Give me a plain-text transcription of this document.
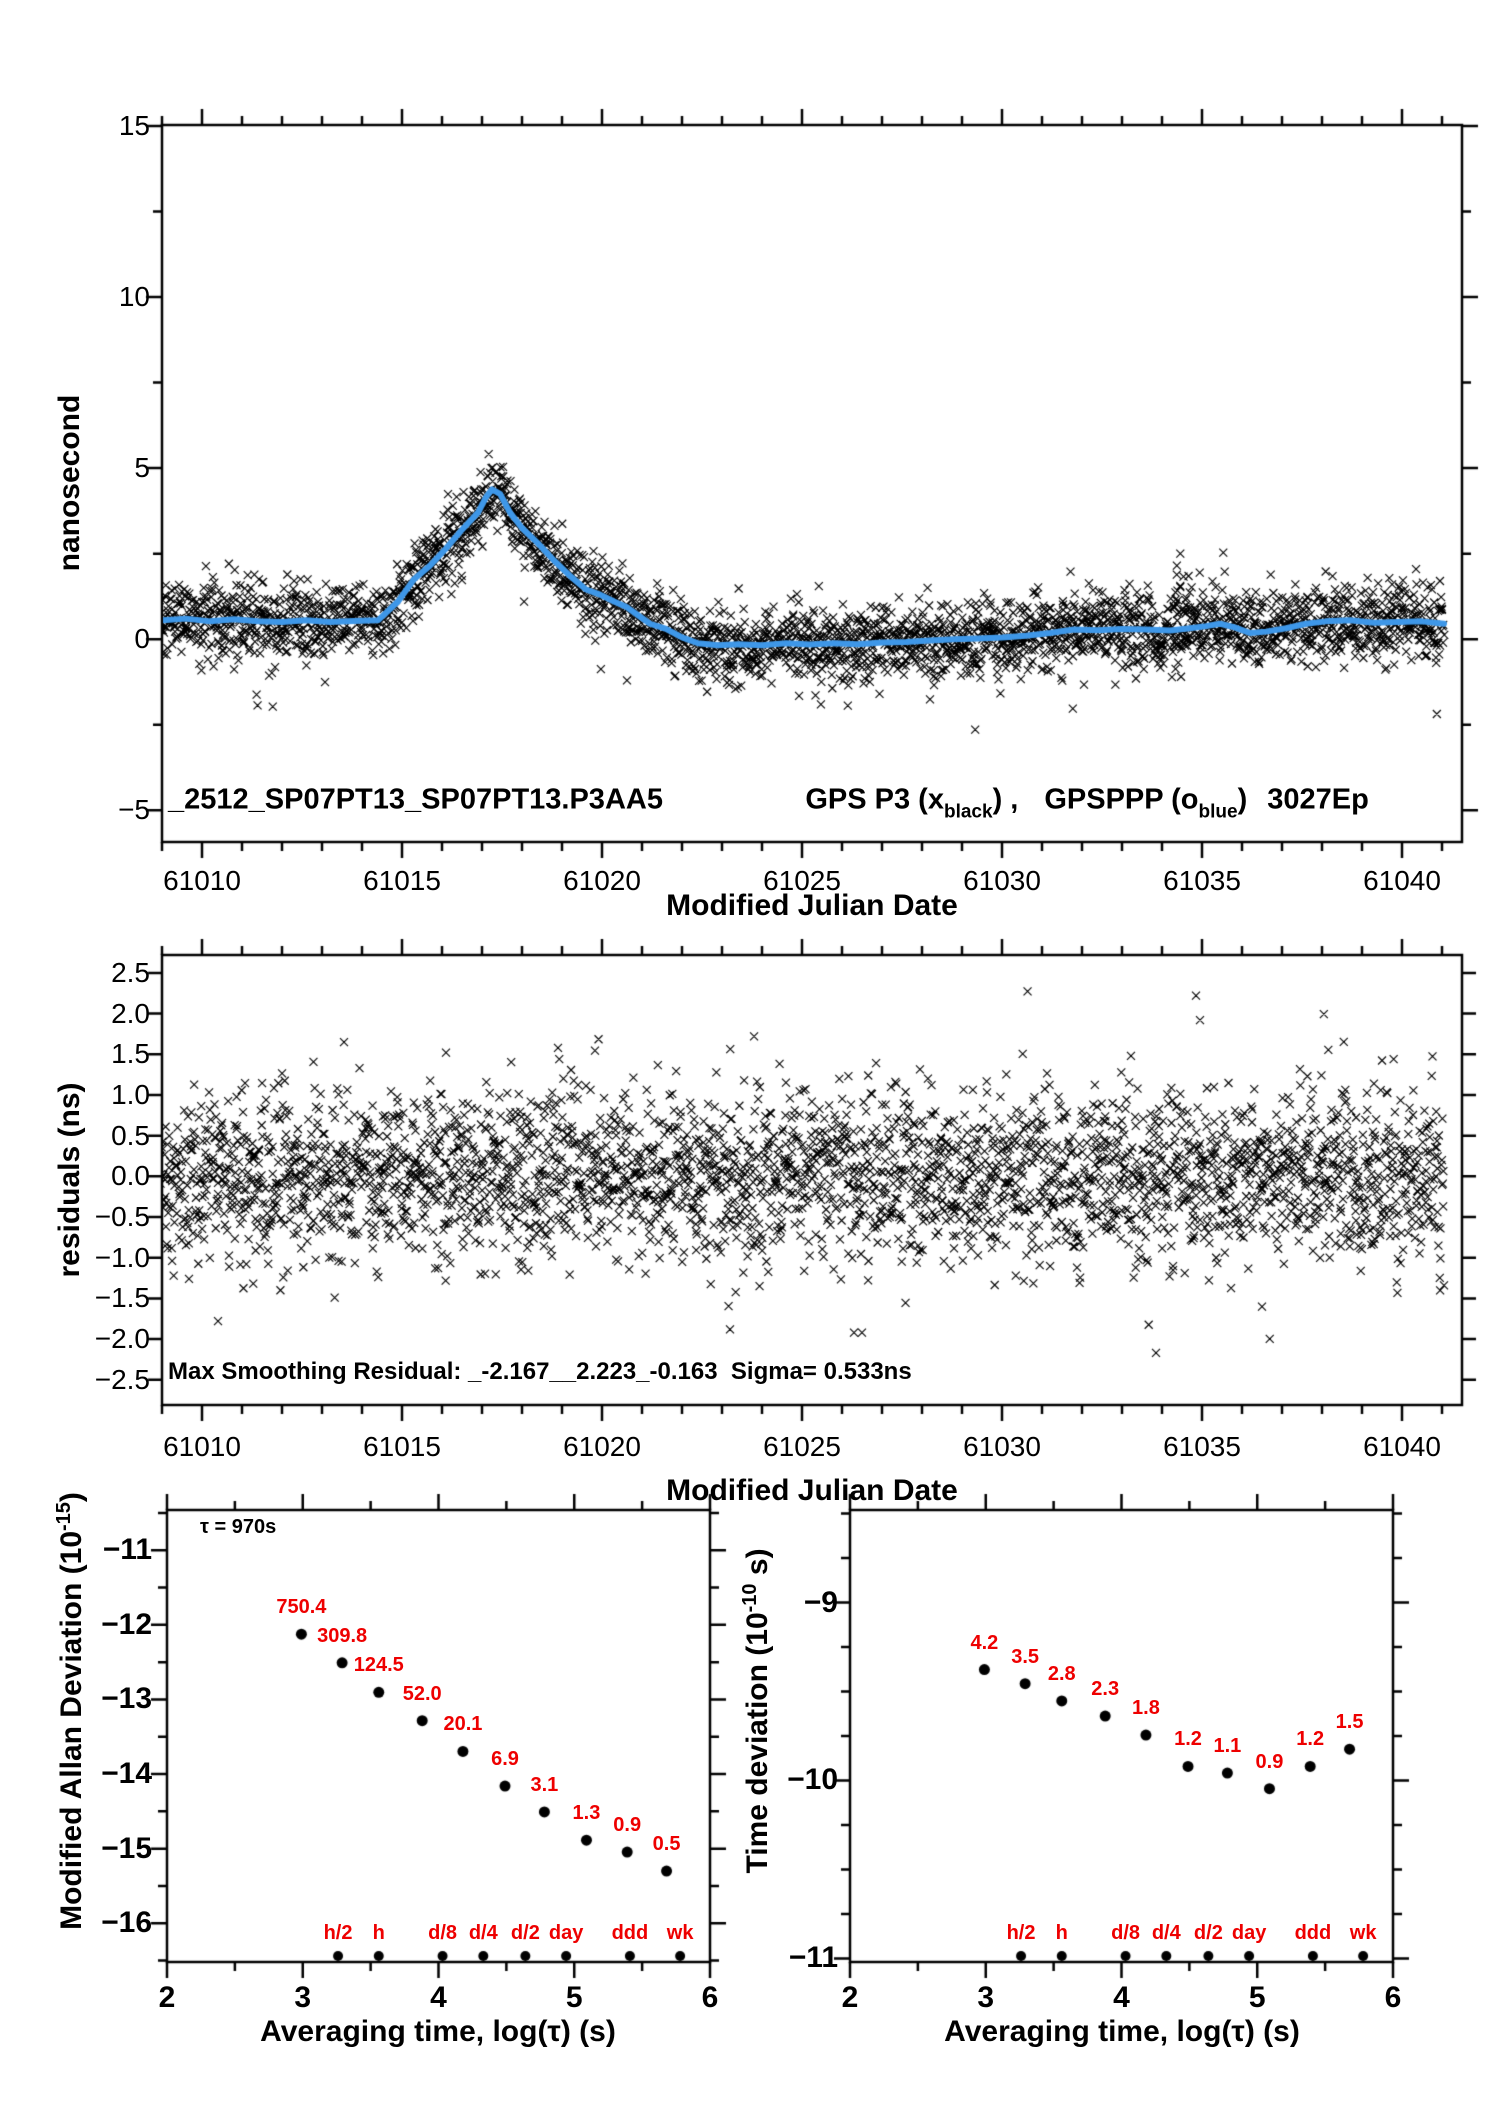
nanosecond
_2512_SP07PT13_SP07PT13.P3AA5	GPS P3 $(x_{black})$ , GPSPPP $(o_{blue})$ 3027Ep

Modified Julian Date
residuals (ns)
Max Smoothing Residual: _-2.167__2.223_-0.163  Sigma= 0.533ns
Modified Julian Date

Modified Allan Deviation $(10^{-15})$

τ = 970s
Averaging time, log(τ) (s)

Time deviation ($10^{-10}$ s)

Averaging time, log(τ) (s)
61010	61015	61020	61025	61030	61035	61040
61010	61015	61020	61025	61030	61035	61040
15
10
5
0
−5
2.5
2.0
1.5
1.0
0.5
0.0
−0.5
−1.0
−1.5
−2.0
−2.5
2	3	4	5	6	2	3	4	5	6
−11
−12
−13
−14
−15
−16
−9
−10
−11
750.4
309.8
124.5
52.0
20.1
6.9
3.1
1.3
0.9
0.5
h/2 h d/8 d/4 d/2 day ddd wk
4.2
3.5
2.8
2.3
1.8
1.2 1.1
0.9
1.2
1.5
h/2 h d/8 d/4 d/2 day ddd wk
